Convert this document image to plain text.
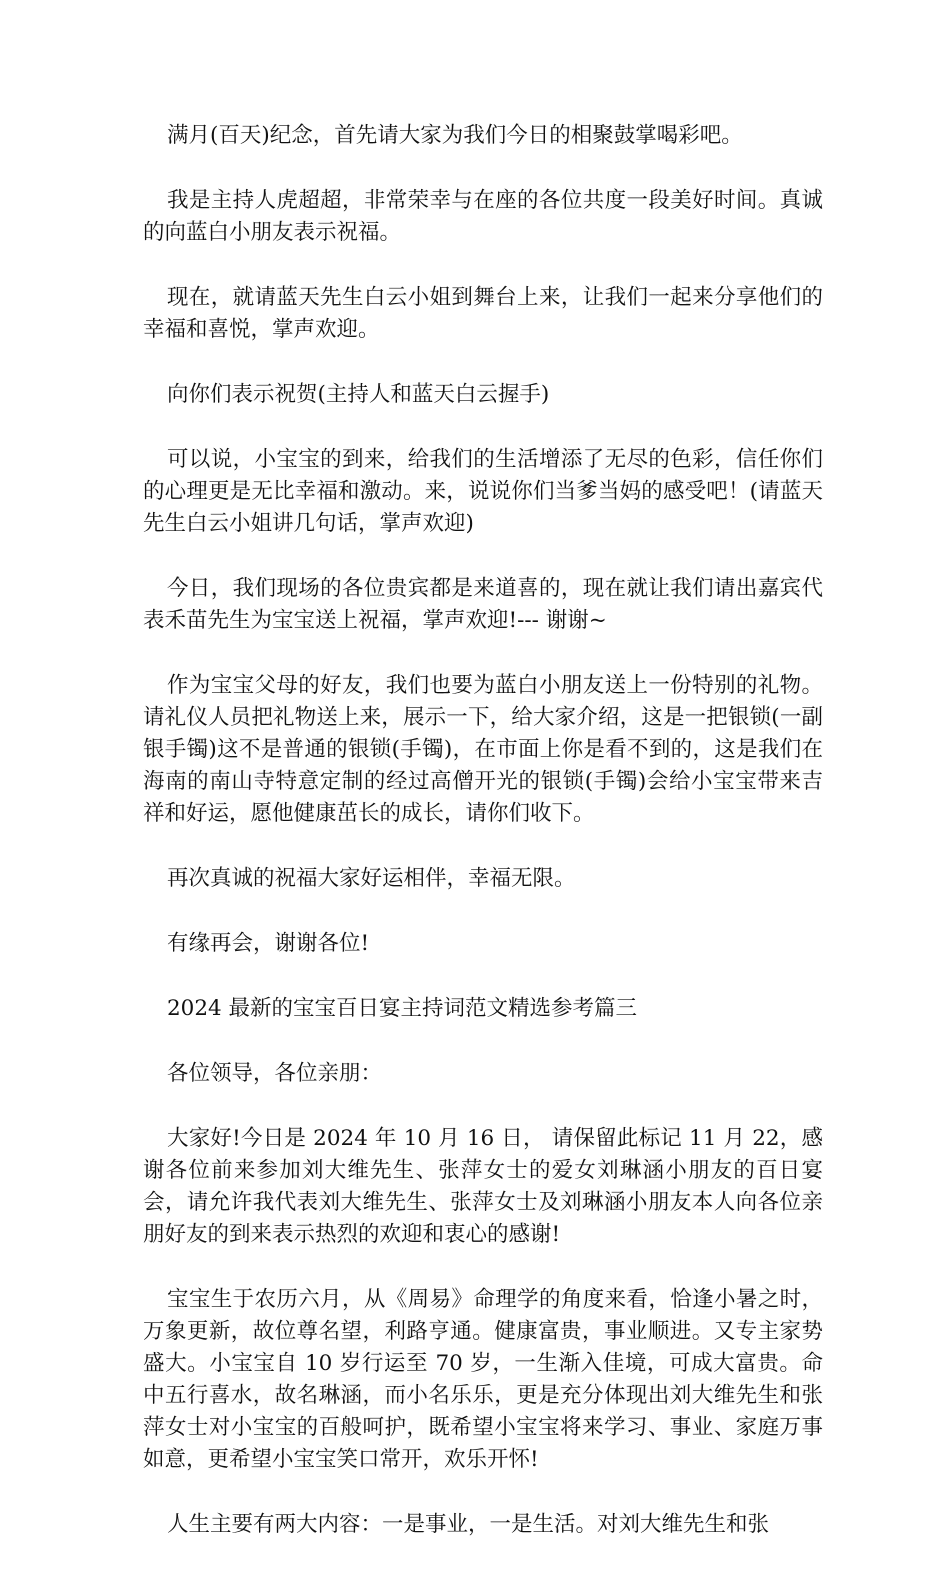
满月(百天)纪念，首先请大家为我们今日的相聚鼓掌喝彩吧。

我是主持人虎超超，非常荣幸与在座的各位共度一段美好时间。真诚的向蓝白小朋友表示祝福。

现在，就请蓝天先生白云小姐到舞台上来，让我们一起来分享他们的幸福和喜悦，掌声欢迎。

向你们表示祝贺(主持人和蓝天白云握手)

可以说，小宝宝的到来，给我们的生活增添了无尽的色彩，信任你们的心理更是无比幸福和激动。来，说说你们当爹当妈的感受吧！(请蓝天先生白云小姐讲几句话，掌声欢迎)

今日，我们现场的各位贵宾都是来道喜的，现在就让我们请出嘉宾代表禾苗先生为宝宝送上祝福，掌声欢迎!--- 谢谢~

作为宝宝父母的好友，我们也要为蓝白小朋友送上一份特别的礼物。请礼仪人员把礼物送上来，展示一下，给大家介绍，这是一把银锁(一副银手镯)这不是普通的银锁(手镯)，在市面上你是看不到的，这是我们在海南的南山寺特意定制的经过高僧开光的银锁(手镯)会给小宝宝带来吉祥和好运，愿他健康茁长的成长，请你们收下。

再次真诚的祝福大家好运相伴，幸福无限。

有缘再会，谢谢各位!

2024 最新的宝宝百日宴主持词范文精选参考篇三

各位领导，各位亲朋：

大家好!今日是 2024 年 10 月 16 日， 请保留此标记 11 月 22，感谢各位前来参加刘大维先生、张萍女士的爱女刘琳涵小朋友的百日宴会，请允许我代表刘大维先生、张萍女士及刘琳涵小朋友本人向各位亲朋好友的到来表示热烈的欢迎和衷心的感谢!

宝宝生于农历六月，从《周易》命理学的角度来看，恰逢小暑之时，万象更新，故位尊名望，利路亨通。健康富贵，事业顺进。又专主家势盛大。小宝宝自 10 岁行运至 70 岁，一生渐入佳境，可成大富贵。命中五行喜水，故名琳涵，而小名乐乐，更是充分体现出刘大维先生和张萍女士对小宝宝的百般呵护，既希望小宝宝将来学习、事业、家庭万事如意，更希望小宝宝笑口常开，欢乐开怀!

人生主要有两大内容：一是事业，一是生活。对刘大维先生和张
